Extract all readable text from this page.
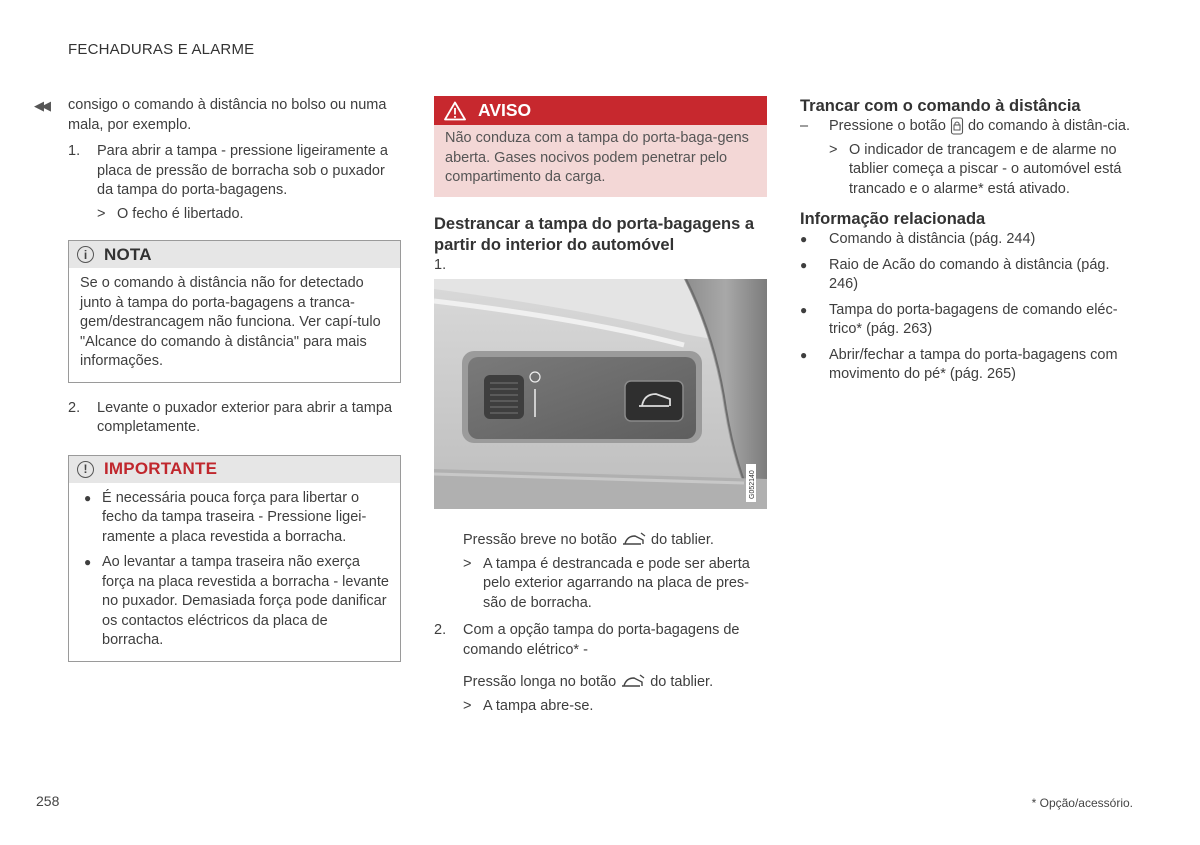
FECHADURAS E ALARME
◀◀ consigo o comando à distância no bolso ou numa mala, por exemplo.

1. Para abrir a tampa - pressione ligeiramente a placa de pressão de borracha sob o puxador da tampa do porta-bagagens.

> O fecho é libertado.
i NOTA

Se o comando à distância não for detectado junto à tampa do porta-bagagens a tranca-gem/destrancagem não funciona. Ver capí-tulo "Alcance do comando à distância" para mais informações.

2. Levante o puxador exterior para abrir a tampa completamente.

! IMPORTANTE
● É necessária pouca força para libertar o fecho da tampa traseira - Pressione ligei-ramente a placa revestida a borracha.

● Ao levantar a tampa traseira não exerça força na placa revestida a borracha - levante no puxador. Demasiada força pode danificar os contactos eléctricos da placa de borracha.

AVISO

Não conduza com a tampa do porta-baga-gens aberta. Gases nocivos podem penetrar pelo compartimento da carga.

Destrancar a tampa do porta-bagagens a partir do interior do automóvel
1.
G052140

Pressão breve no botão do tablier.

> A tampa é destrancada e pode ser aberta pelo exterior agarrando na placa de pres-são de borracha.

2. Com a opção tampa do porta-bagagens de comando elétrico* -

Pressão longa no botão do tablier.

> A tampa abre-se.

Trancar com o comando à distância
– Pressione o botão do comando à distân-cia.

> O indicador de trancagem e de alarme no tablier começa a piscar - o automóvel está trancado e o alarme* está ativado.

Informação relacionada
● Comando à distância (pág. 244)

● Raio de Acão do comando à distância (pág. 246)

● Tampa do porta-bagagens de comando eléc-trico* (pág. 263)

● Abrir/fechar a tampa do porta-bagagens com movimento do pé* (pág. 265)

258	* Opção/acessório.
